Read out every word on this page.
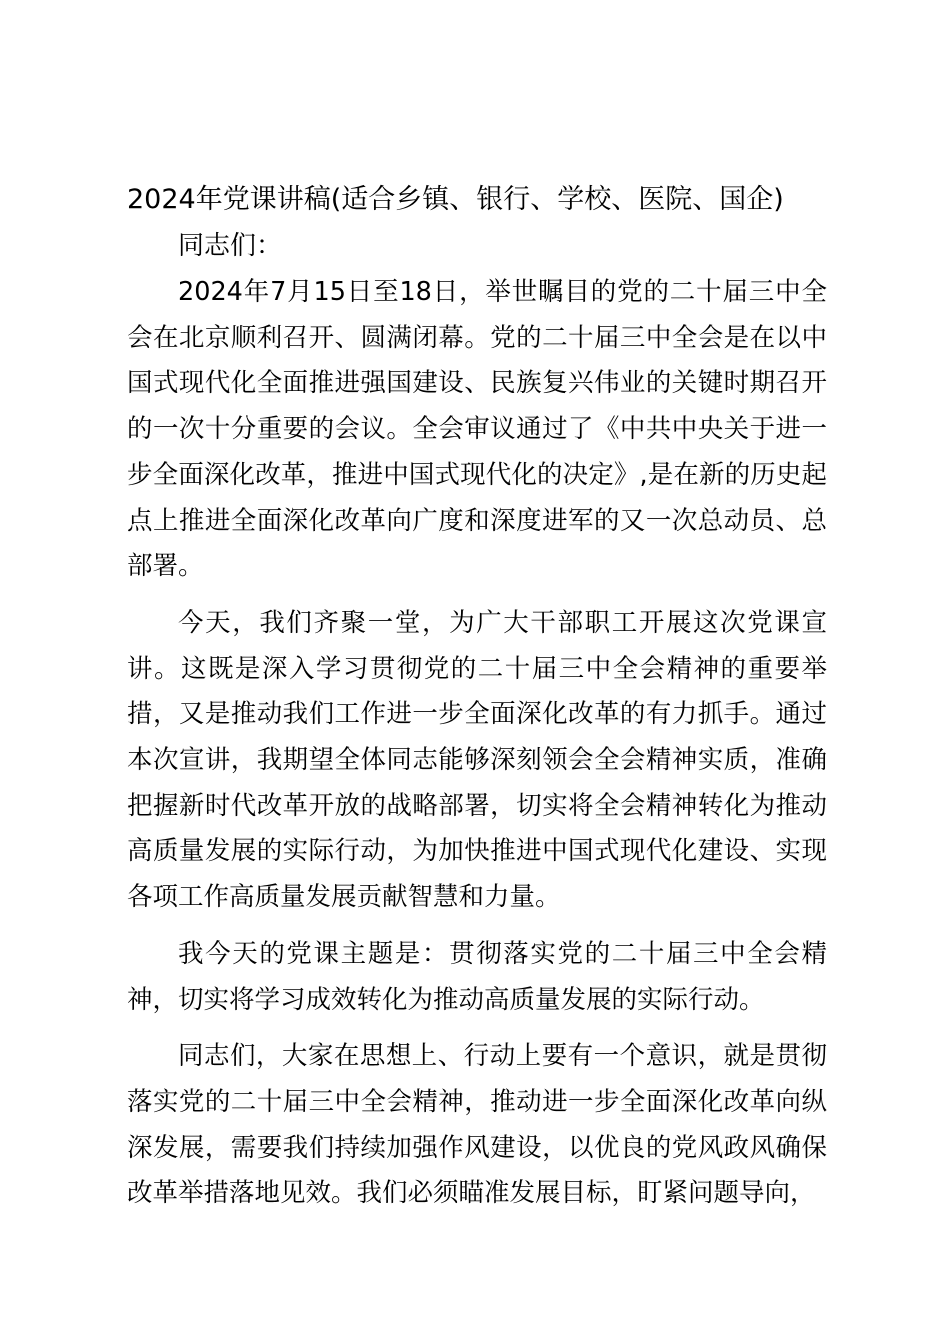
2024年党课讲稿(适合乡镇、银行、学校、医院、国企)
同志们：

2024年7月15日至18日，举世瞩目的党的二十届三中全会在北京顺利召开、圆满闭幕。党的二十届三中全会是在以中国式现代化全面推进强国建设、民族复兴伟业的关键时期召开的一次十分重要的会议。全会审议通过了《中共中央关于进一步全面深化改革，推进中国式现代化的决定》,是在新的历史起点上推进全面深化改革向广度和深度进军的又一次总动员、总部署。

今天，我们齐聚一堂，为广大干部职工开展这次党课宣讲。这既是深入学习贯彻党的二十届三中全会精神的重要举措，又是推动我们工作进一步全面深化改革的有力抓手。通过本次宣讲，我期望全体同志能够深刻领会全会精神实质，准确把握新时代改革开放的战略部署，切实将全会精神转化为推动高质量发展的实际行动，为加快推进中国式现代化建设、实现各项工作高质量发展贡献智慧和力量。

我今天的党课主题是：贯彻落实党的二十届三中全会精神，切实将学习成效转化为推动高质量发展的实际行动。

同志们，大家在思想上、行动上要有一个意识，就是贯彻落实党的二十届三中全会精神，推动进一步全面深化改革向纵深发展，需要我们持续加强作风建设，以优良的党风政风确保改革举措落地见效。我们必须瞄准发展目标，盯紧问题导向，
